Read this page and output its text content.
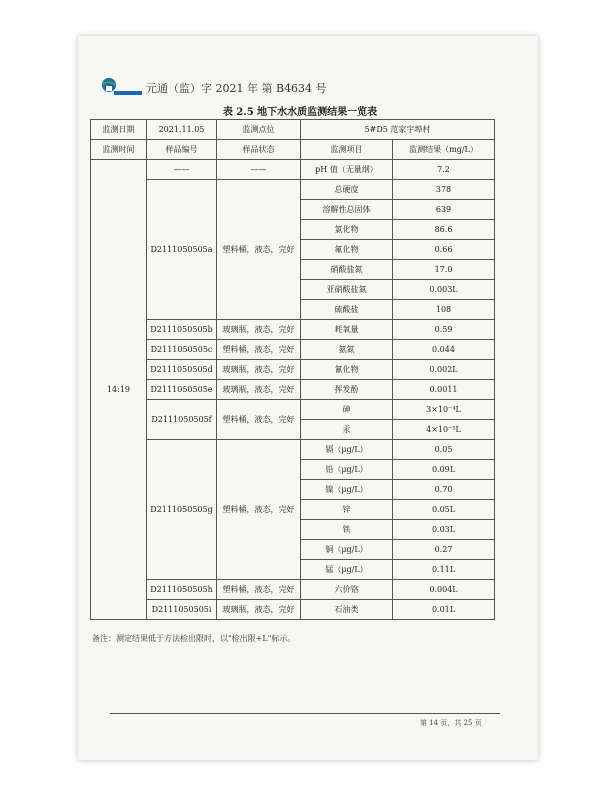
元通（监）字 2021 年 第 B4634 号
表 2.5 地下水水质监测结果一览表
监测日期	2021.11.05	监测点位	5#D5 范家宇埠村	
监测时间	样品编号	样品状态	监测项目	监测结果（mg/L）
14:19	——	——	pH 值（无量纲）	7.2
	D2111050505a	塑料桶，液态，完好	总硬度	378
			溶解性总固体	639
			氯化物	86.6
			氟化物	0.66
			硝酸盐氮	17.0
			亚硝酸盐氮	0.003L
			硫酸盐	108
	D2111050505b	玻璃瓶，液态，完好	耗氧量	0.59
	D2111050505c	塑料桶，液态，完好	氨氮	0.044
	D2111050505d	玻璃瓶，液态，完好	氰化物	0.002L
	D2111050505e	玻璃瓶，液态，完好	挥发酚	0.0011
	D2111050505f	塑料桶，液态，完好	砷	3×10⁻⁴L
			汞	4×10⁻⁵L
	D2111050505g	塑料桶，液态，完好	镉（μg/L）	0.05
			铅（μg/L）	0.09L
			镍（μg/L）	0.70
			锌	0.05L
			铁	0.03L
			铜（μg/L）	0.27
			锰（μg/L）	0.11L
	D2111050505h	塑料桶，液态，完好	六价铬	0.004L
	D2111050505i	玻璃瓶，液态，完好	石油类	0.01L
备注：测定结果低于方法检出限时，以"检出限+L"标示。
第 14 页，共 25 页
